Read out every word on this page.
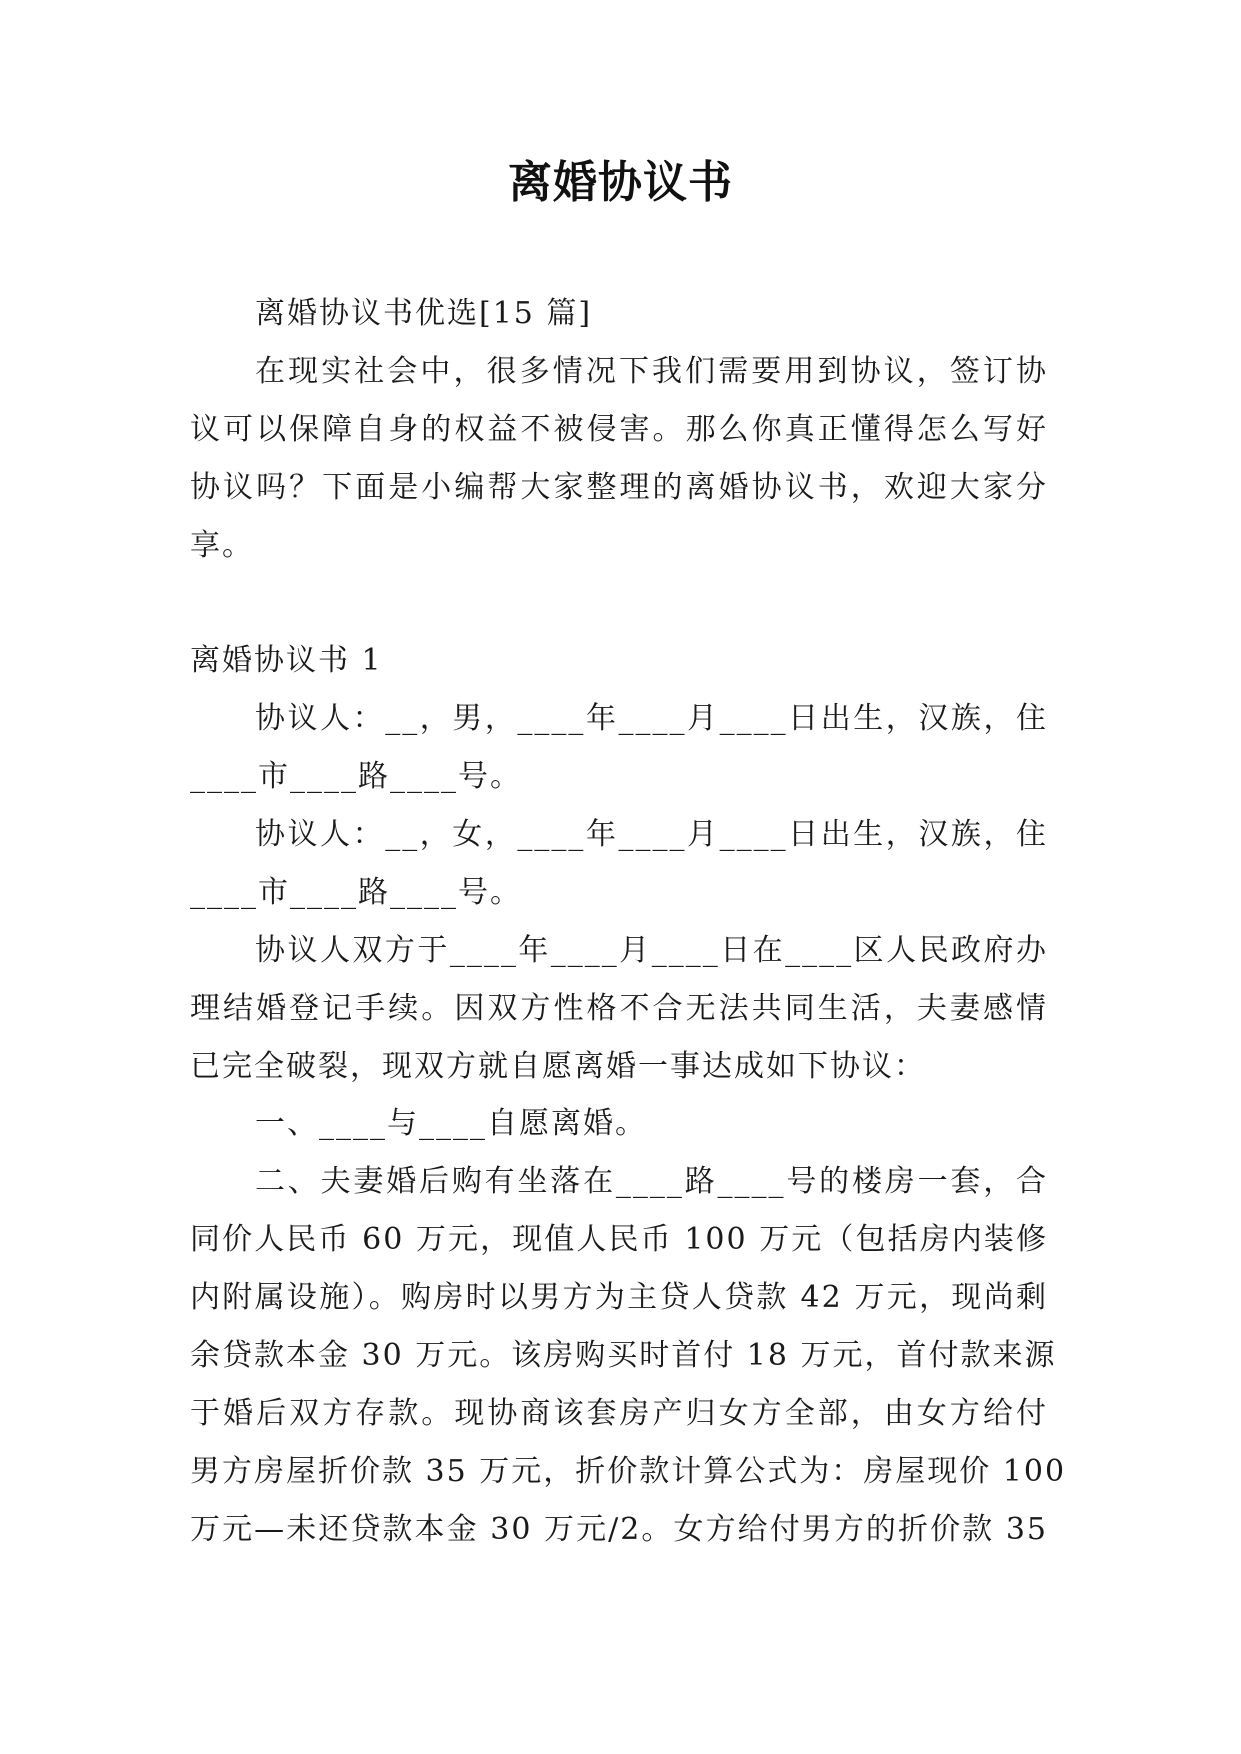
离婚协议书
离婚协议书优选[15 篇]
在现实社会中，很多情况下我们需要用到协议，签订协
议可以保障自身的权益不被侵害。那么你真正懂得怎么写好
协议吗？下面是小编帮大家整理的离婚协议书，欢迎大家分
享。
离婚协议书 1
协议人：__，男，____年____月____日出生，汉族，住
____市____路____号。
协议人：__，女，____年____月____日出生，汉族，住
____市____路____号。
协议人双方于____年____月____日在____区人民政府办
理结婚登记手续。因双方性格不合无法共同生活，夫妻感情
已完全破裂，现双方就自愿离婚一事达成如下协议：
一、____与____自愿离婚。
二、夫妻婚后购有坐落在____路____号的楼房一套，合
同价人民币 60 万元，现值人民币 100 万元（包括房内装修
内附属设施）。购房时以男方为主贷人贷款 42 万元，现尚剩
余贷款本金 30 万元。该房购买时首付 18 万元，首付款来源
于婚后双方存款。现协商该套房产归女方全部，由女方给付
男方房屋折价款 35 万元，折价款计算公式为：房屋现价 100
万元—未还贷款本金 30 万元/2。女方给付男方的折价款 35
